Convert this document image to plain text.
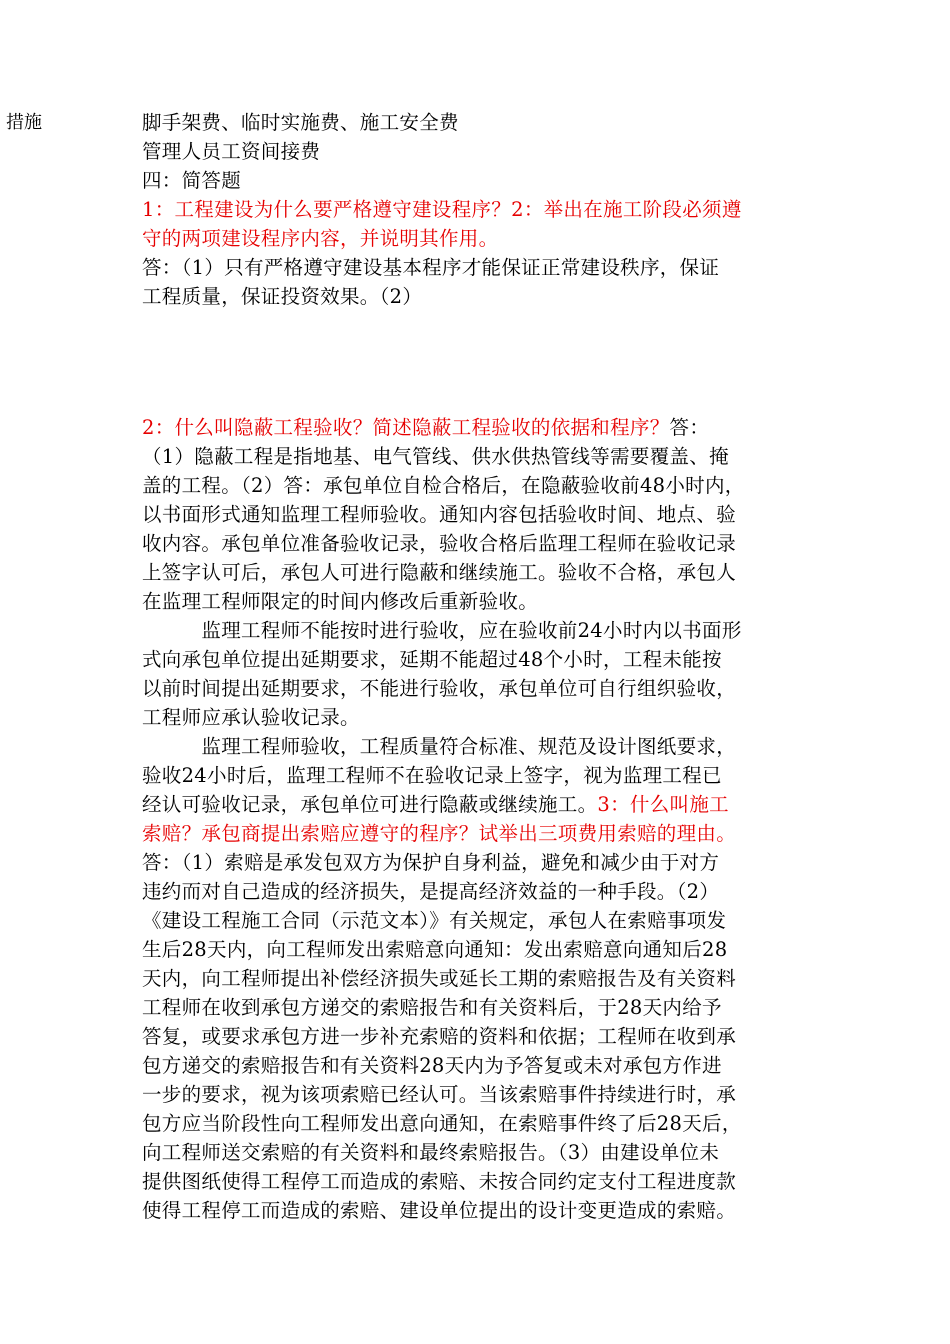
措施	脚手架费、临时实施费、施工安全费
管理人员工资间接费
四：简答题
1：工程建设为什么要严格遵守建设程序？2：举出在施工阶段必须遵
守的两项建设程序内容，并说明其作用。
答：（1）只有严格遵守建设基本程序才能保证正常建设秩序，保证
工程质量，保证投资效果。（2）
2：什么叫隐蔽工程验收？简述隐蔽工程验收的依据和程序？答：
（1）隐蔽工程是指地基、电气管线、供水供热管线等需要覆盖、掩
盖的工程。（2）答：承包单位自检合格后，在隐蔽验收前48小时内，
以书面形式通知监理工程师验收。通知内容包括验收时间、地点、验
收内容。承包单位准备验收记录，验收合格后监理工程师在验收记录
上签字认可后，承包人可进行隐蔽和继续施工。验收不合格，承包人
在监理工程师限定的时间内修改后重新验收。
　　　监理工程师不能按时进行验收，应在验收前24小时内以书面形
式向承包单位提出延期要求，延期不能超过48个小时，工程未能按
以前时间提出延期要求，不能进行验收，承包单位可自行组织验收，
工程师应承认验收记录。
　　　监理工程师验收，工程质量符合标准、规范及设计图纸要求，
验收24小时后，监理工程师不在验收记录上签字，视为监理工程已
经认可验收记录，承包单位可进行隐蔽或继续施工。3：什么叫施工
索赔？承包商提出索赔应遵守的程序？试举出三项费用索赔的理由。
答：（1）索赔是承发包双方为保护自身利益，避免和减少由于对方
违约而对自己造成的经济损失，是提高经济效益的一种手段。（2）
《建设工程施工合同（示范文本）》有关规定，承包人在索赔事项发
生后28天内，向工程师发出索赔意向通知：发出索赔意向通知后28
天内，向工程师提出补偿经济损失或延长工期的索赔报告及有关资料
工程师在收到承包方递交的索赔报告和有关资料后，于28天内给予
答复，或要求承包方进一步补充索赔的资料和依据；工程师在收到承
包方递交的索赔报告和有关资料28天内为予答复或未对承包方作进
一步的要求，视为该项索赔已经认可。当该索赔事件持续进行时，承
包方应当阶段性向工程师发出意向通知，在索赔事件终了后28天后，
向工程师送交索赔的有关资料和最终索赔报告。（3）由建设单位未
提供图纸使得工程停工而造成的索赔、未按合同约定支付工程进度款
使得工程停工而造成的索赔、建设单位提出的设计变更造成的索赔。
